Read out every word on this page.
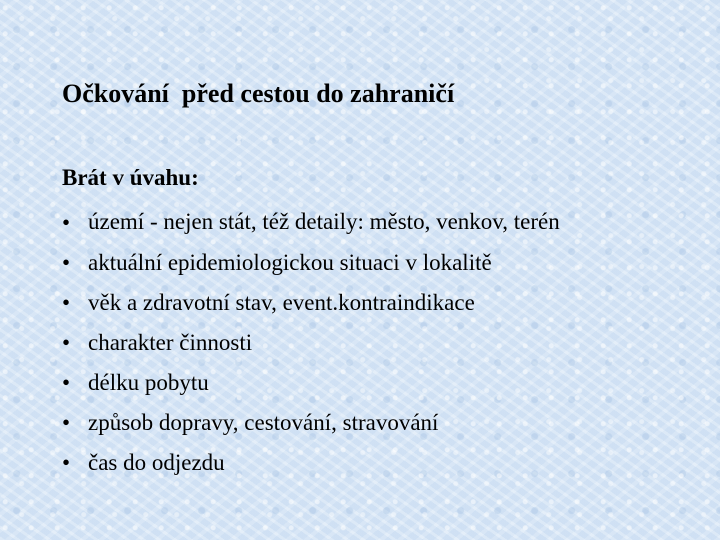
Očkování  před cestou do zahraničí
Brát v úvahu:
• území - nejen stát, též detaily: město, venkov, terén
• aktuální epidemiologickou situaci v lokalitě
• věk a zdravotní stav, event.kontraindikace
• charakter činnosti
• délku pobytu
• způsob dopravy, cestování, stravování
• čas do odjezdu
